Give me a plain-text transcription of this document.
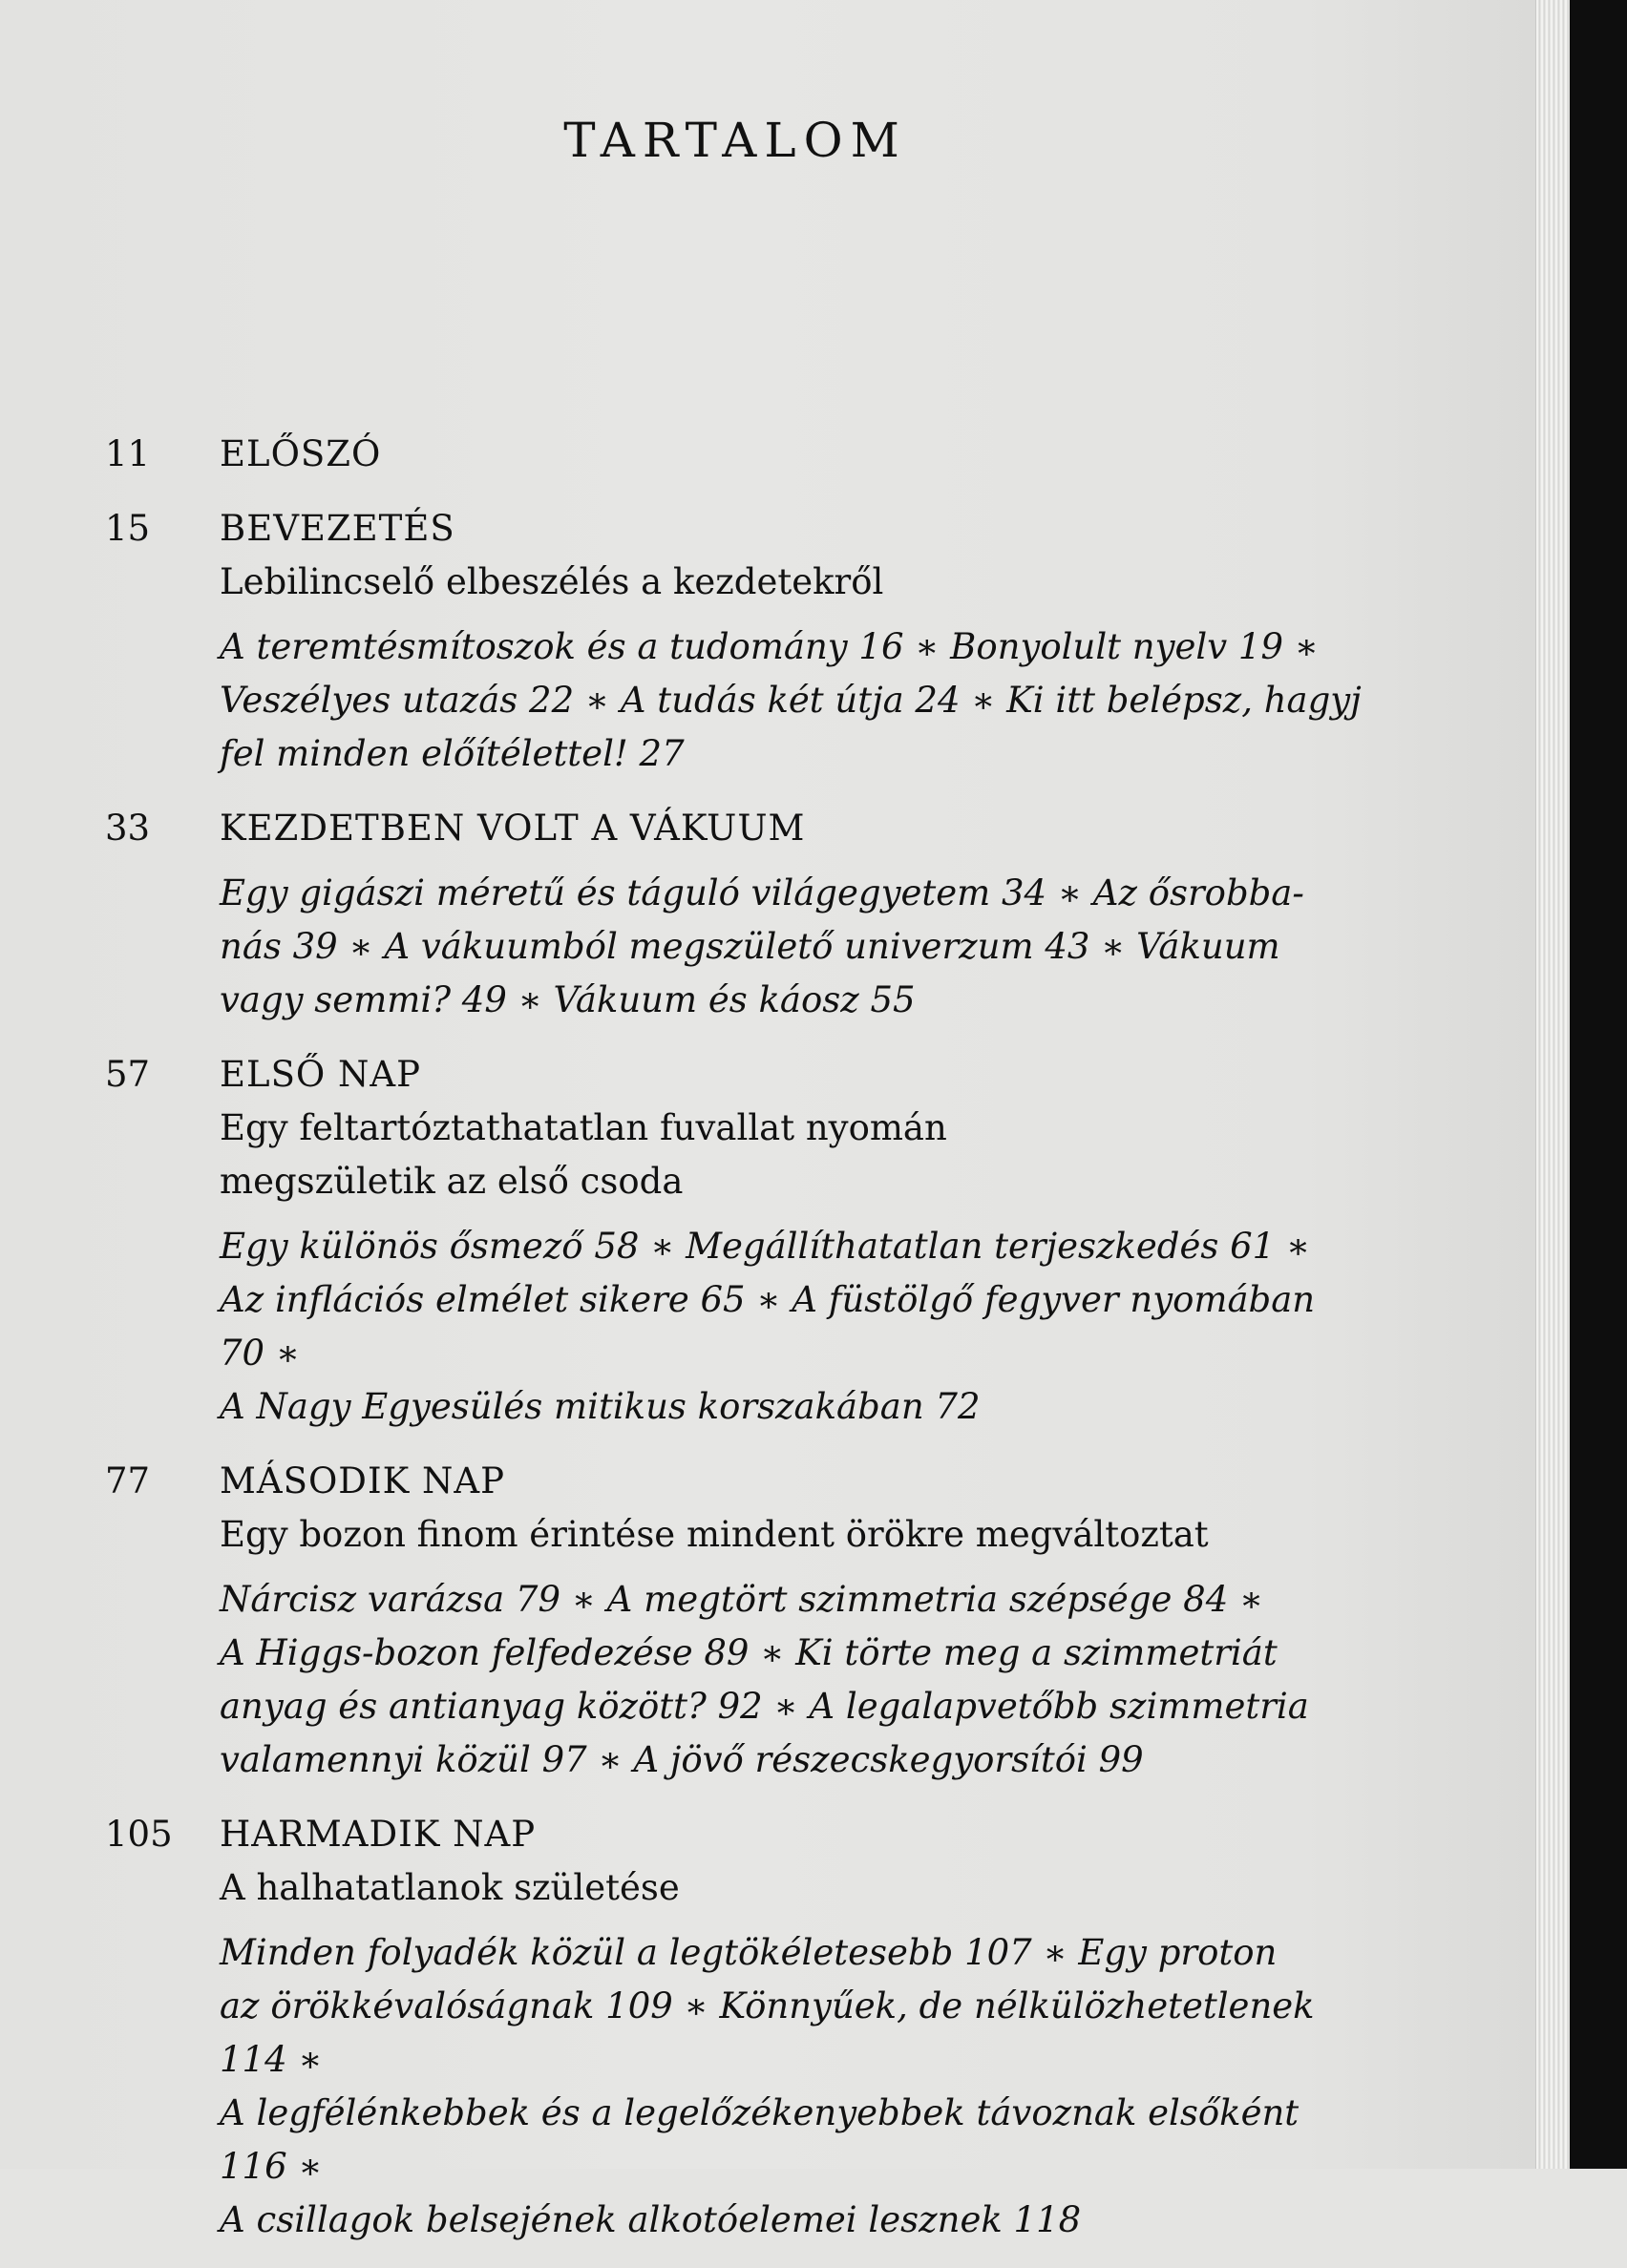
TARTALOM
11	ELŐSZÓ
15	BEVEZETÉS
Lebilincselő elbeszélés a kezdetekről
A teremtésmítoszok és a tudomány 16 ∗ Bonyolult nyelv 19 ∗
Veszélyes utazás 22 ∗ A tudás két útja 24 ∗ Ki itt belépsz, hagyj
fel minden előítélettel! 27
33	KEZDETBEN VOLT A VÁKUUM
Egy gigászi méretű és táguló világegyetem 34 ∗ Az ősrobba-
nás 39 ∗ A vákuumból megszülető univerzum 43 ∗ Vákuum
vagy semmi? 49 ∗ Vákuum és káosz 55
57	ELSŐ NAP
Egy feltartóztathatatlan fuvallat nyomán
megszületik az első csoda
Egy különös ősmező 58 ∗ Megállíthatatlan terjeszkedés 61 ∗
Az inflációs elmélet sikere 65 ∗ A füstölgő fegyver nyomában 70 ∗
A Nagy Egyesülés mitikus korszakában 72
77	MÁSODIK NAP
Egy bozon finom érintése mindent örökre megváltoztat
Nárcisz varázsa 79 ∗ A megtört szimmetria szépsége 84 ∗
A Higgs-bozon felfedezése 89 ∗ Ki törte meg a szimmetriát
anyag és antianyag között? 92 ∗ A legalapvetőbb szimmetria
valamennyi közül 97 ∗ A jövő részecskegyorsítói 99
105	HARMADIK NAP
A halhatatlanok születése
Minden folyadék közül a legtökéletesebb 107 ∗ Egy proton
az örökkévalóságnak 109 ∗ Könnyűek, de nélkülözhetetlenek 114 ∗
A legfélénkebbek és a legelőzékenyebbek távoznak elsőként 116 ∗
A csillagok belsejének alkotóelemei lesznek 118
